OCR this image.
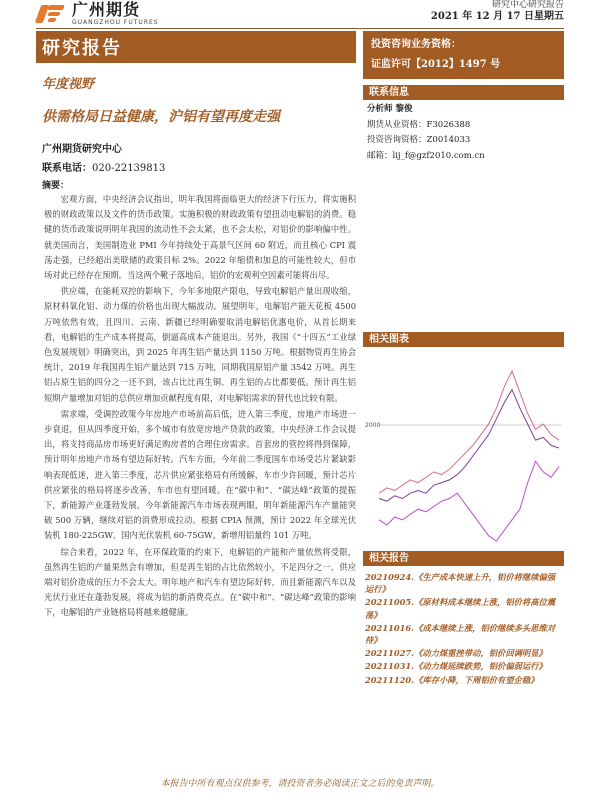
广州期货
GUANGZHOU FUTURES
研究中心研究报告
2021 年 12 月 17 日星期五
研究报告
年度视野
供需格局日益健康，沪铝有望再度走强
广州期货研究中心
联系电话：020-22139813
摘要：

宏观方面，中央经济会议指出，明年我国将面临更大的经济下行压力，将实施积极的财政政策以及文件的货币政策。实施积极的财政政策有望扭动电解铝的消费。稳健的货币政策说明明年我国的流动性不会太紧，也不会太松，对铝价的影响偏中性。就美国而言，美国制造业 PMI 今年持续处于高景气区间 60 附近，而且核心 CPI 震荡走强，已经超出美联储的政策目标 2%。2022 年缩债和加息的可能性较大，但市场对此已经存在预期。当这两个靴子落地后，铝价的宏观利空因素可能将出尽。

供应端，在能耗双控的影响下，今年多地限产限电，导致电解铝产量出现收缩，原材料氧化铝、动力煤的价格也出现大幅波动。展望明年，电解铝产能天花板 4500 万吨依然有效，且四川、云南、新疆已经明确要取消电解铝优惠电价，从首长期来看，电解铝的生产成本将提高，倒逼高成本产能退出。另外，我国《“十四五”工业绿色发展规划》明确突出，到 2025 年再生铝产量达到 1150 万吨。根据物资再生协会统计，2019 年我国再生铝产量达到 715 万吨，同期我国原铝产量 3542 万吨。再生铝占原生铝的四分之一还不到，该占比比再生铜、再生铝的占比都要低。预计再生铝短期产量增加对铝的总供应增加贡献程度有限，对电解铝需求的替代也比较有限。

需求端，受调控政策今年房地产市场前高后低，进入第三季度，房地产市场进一步衰退，但从四季度开始，多个城市有放宽房地产贷款的政策，中央经济工作会议提出，将支持商品房市场更好满足购房者的合理住房需求。首套房的管控将得到保障，预计明年房地产市场有望边际好转。汽车方面，今年前二季度国车市场受芯片紧缺影响表现低迷，进入第三季度，芯片供应紧张格局有所缓解，车市少许回暖，预计芯片供应紧张的格局将逐步改善，车市也有望回暖。在“碳中和”、“碳达峰”政策的提振下，新能源产业蓬勃发展，今年新能源汽车市场表现两眼，明年新能源汽车产量能突破 500 万辆，继续对铝的消费形成拉动。根据 CPIA 预测，预计 2022 年全球光伏装机 180-225GW，国内光伏装机 60-75GW，新增用铝量约 101 万吨。

综合来看，2022 年，在环保政策的约束下，电解铝的产能和产量依然将受限，虽然再生铝的产量果然会有增加，但是再生铝的占比依然较小，不足四分之一，供应端对铝价造成的压力不会太大。明年地产和汽车有望边际好转，而且新能源汽车以及光伏行业还在蓬勃发展，将成为铝的新消费亮点。在“碳中和”、“碳达峰”政策的影响下，电解铝的产业链格局将越来越健康。

投资咨询业务资格：
证监许可【2012】1497 号
联系信息
分析师 黎俊
期货从业资格：F3026388
投资咨询资格：Z0014033
邮箱：lij_f@gzf2010.com.cn
相关图表
2000
相关报告
20210924.《生产成本快速上升，铝价将继续偏强运行》
20211005.《原材料成本继续上涨，铝价将高位震荡》
20211016.《成本继续上涨，铝价继续多头思维对待》
20211027.《动力煤重挫带动，铝价回调明显》
20211031.《动力煤延续跌势，铝价偏弱运行》
20211120.《库存小降，下周铝价有望企稳》
本报告中所有观点仅供参考，请投资者务必阅读正文之后的免责声明。
